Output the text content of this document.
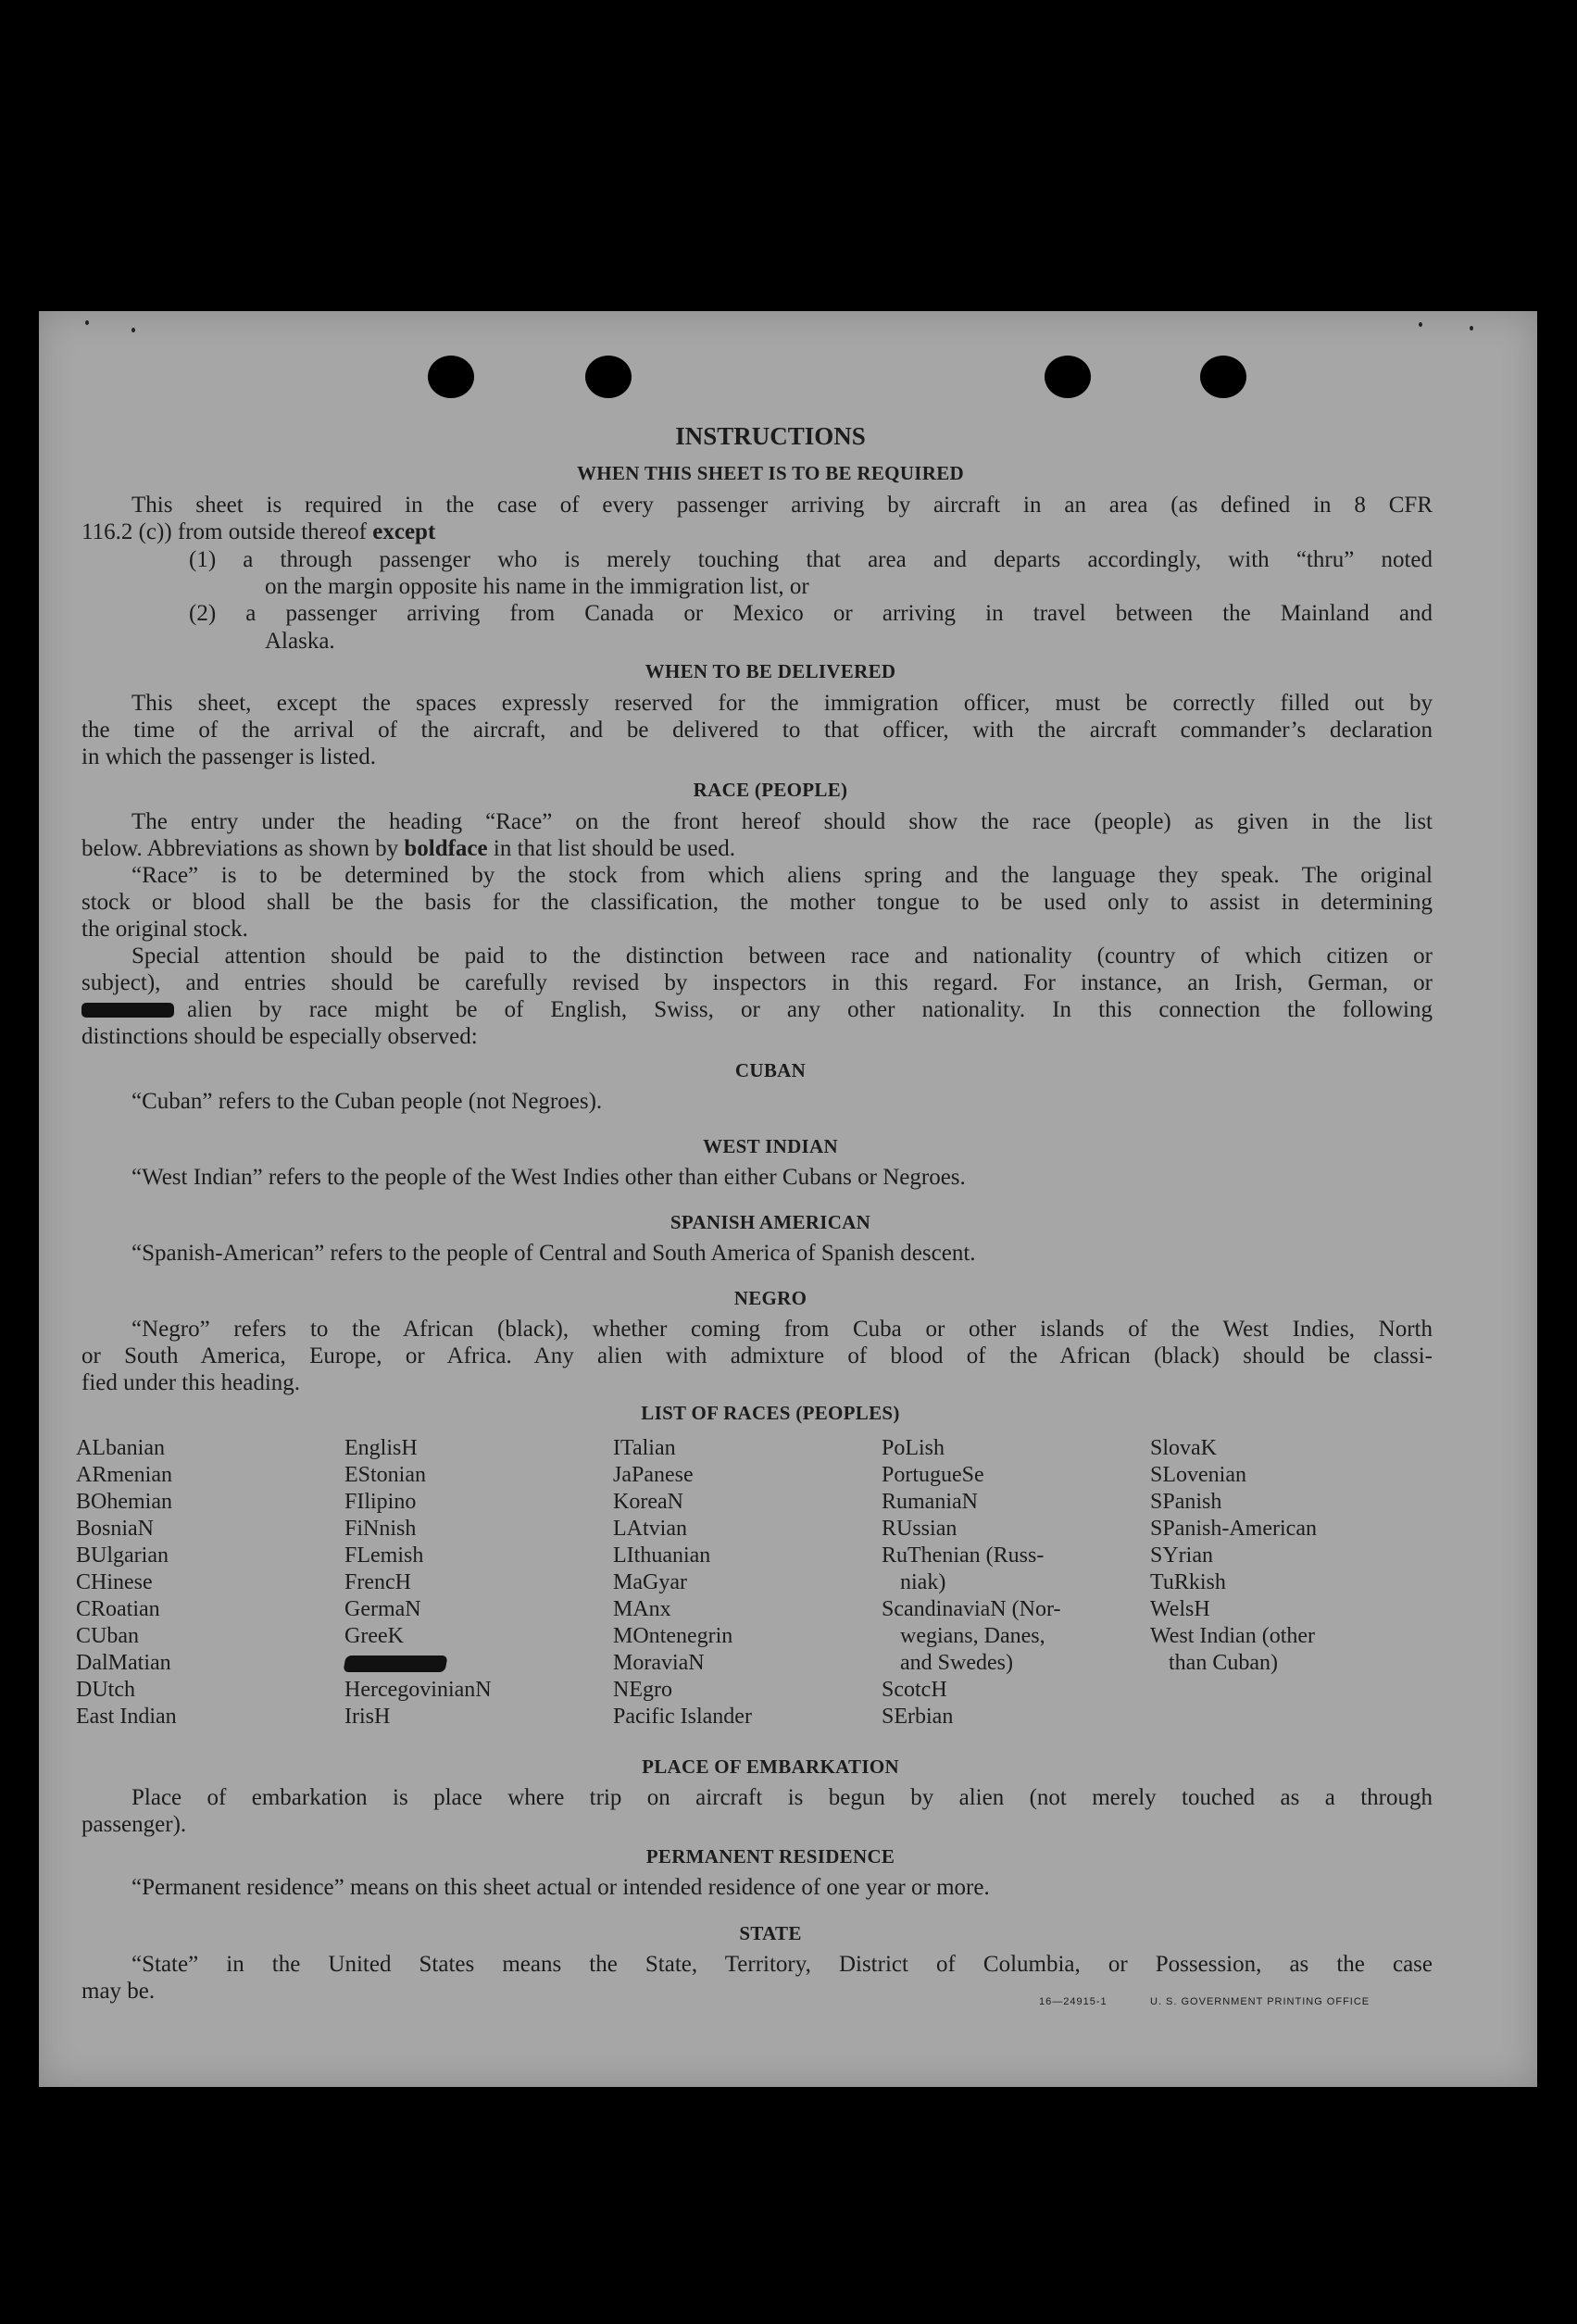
INSTRUCTIONS
WHEN THIS SHEET IS TO BE REQUIRED
This sheet is required in the case of every passenger arriving by aircraft in an area (as defined in 8 CFR
116.2 (c)) from outside thereof except
(1) a through passenger who is merely touching that area and departs accordingly, with “thru” noted
on the margin opposite his name in the immigration list, or
(2) a passenger arriving from Canada or Mexico or arriving in travel between the Mainland and
Alaska.
WHEN TO BE DELIVERED
This sheet, except the spaces expressly reserved for the immigration officer, must be correctly filled out by
the time of the arrival of the aircraft, and be delivered to that officer, with the aircraft commander’s declaration
in which the passenger is listed.
RACE (PEOPLE)
The entry under the heading “Race” on the front hereof should show the race (people) as given in the list
below. Abbreviations as shown by boldface in that list should be used.
“Race” is to be determined by the stock from which aliens spring and the language they speak. The original
stock or blood shall be the basis for the classification, the mother tongue to be used only to assist in determining
the original stock.
Special attention should be paid to the distinction between race and nationality (country of which citizen or
subject), and entries should be carefully revised by inspectors in this regard. For instance, an Irish, German, or
alien by race might be of English, Swiss, or any other nationality. In this connection the following
distinctions should be especially observed:
CUBAN
“Cuban” refers to the Cuban people (not Negroes).
WEST INDIAN
“West Indian” refers to the people of the West Indies other than either Cubans or Negroes.
SPANISH AMERICAN
“Spanish-American” refers to the people of Central and South America of Spanish descent.
NEGRO
“Negro” refers to the African (black), whether coming from Cuba or other islands of the West Indies, North
or South America, Europe, or Africa. Any alien with admixture of blood of the African (black) should be classi-
fied under this heading.
LIST OF RACES (PEOPLES)
ALbanian
ARmenian
BOhemian
BosniaN
BUlgarian
CHinese
CRoatian
CUban
DalMatian
DUtch
East Indian
EnglisH
EStonian
FIlipino
FiNnish
FLemish
FrencH
GermaN
GreeK
HercegovinianN
IrisH
ITalian
JaPanese
KoreaN
LAtvian
LIthuanian
MaGyar
MAnx
MOntenegrin
MoraviaN
NEgro
Pacific Islander
PoLish
PortugueSe
RumaniaN
RUssian
RuThenian (Russ-
niak)
ScandinaviaN (Nor-
wegians, Danes,
and Swedes)
ScotcH
SErbian
SlovaK
SLovenian
SPanish
SPanish-American
SYrian
TuRkish
WelsH
West Indian (other
than Cuban)
PLACE OF EMBARKATION
Place of embarkation is place where trip on aircraft is begun by alien (not merely touched as a through
passenger).
PERMANENT RESIDENCE
“Permanent residence” means on this sheet actual or intended residence of one year or more.
STATE
“State” in the United States means the State, Territory, District of Columbia, or Possession, as the case
may be.	16—24915-1	U. S. GOVERNMENT PRINTING OFFICE
